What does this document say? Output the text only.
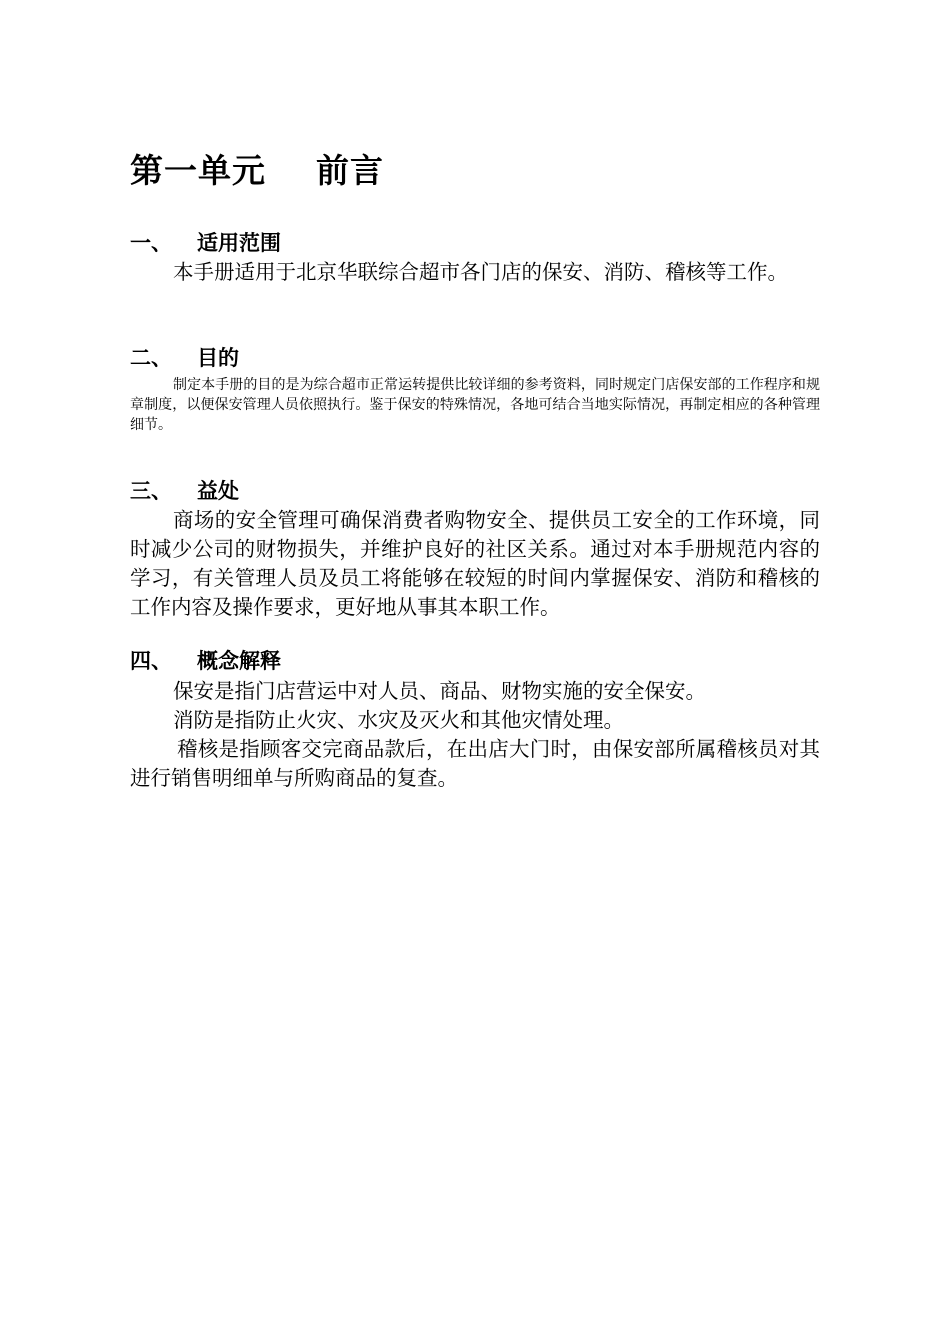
第一单元    前言
一、 适用范围

本手册适用于北京华联综合超市各门店的保安、消防、稽核等工作。

二、 目的

制定本手册的目的是为综合超市正常运转提供比较详细的参考资料，同时规定门店保安部的工作程序和规章制度，以便保安管理人员依照执行。鉴于保安的特殊情况，各地可结合当地实际情况，再制定相应的各种管理细节。

三、 益处

商场的安全管理可确保消费者购物安全、提供员工安全的工作环境，同时减少公司的财物损失，并维护良好的社区关系。通过对本手册规范内容的学习，有关管理人员及员工将能够在较短的时间内掌握保安、消防和稽核的工作内容及操作要求，更好地从事其本职工作。

四、 概念解释

保安是指门店营运中对人员、商品、财物实施的安全保安。

消防是指防止火灾、水灾及灭火和其他灾情处理。

稽核是指顾客交完商品款后，在出店大门时，由保安部所属稽核员对其进行销售明细单与所购商品的复查。
